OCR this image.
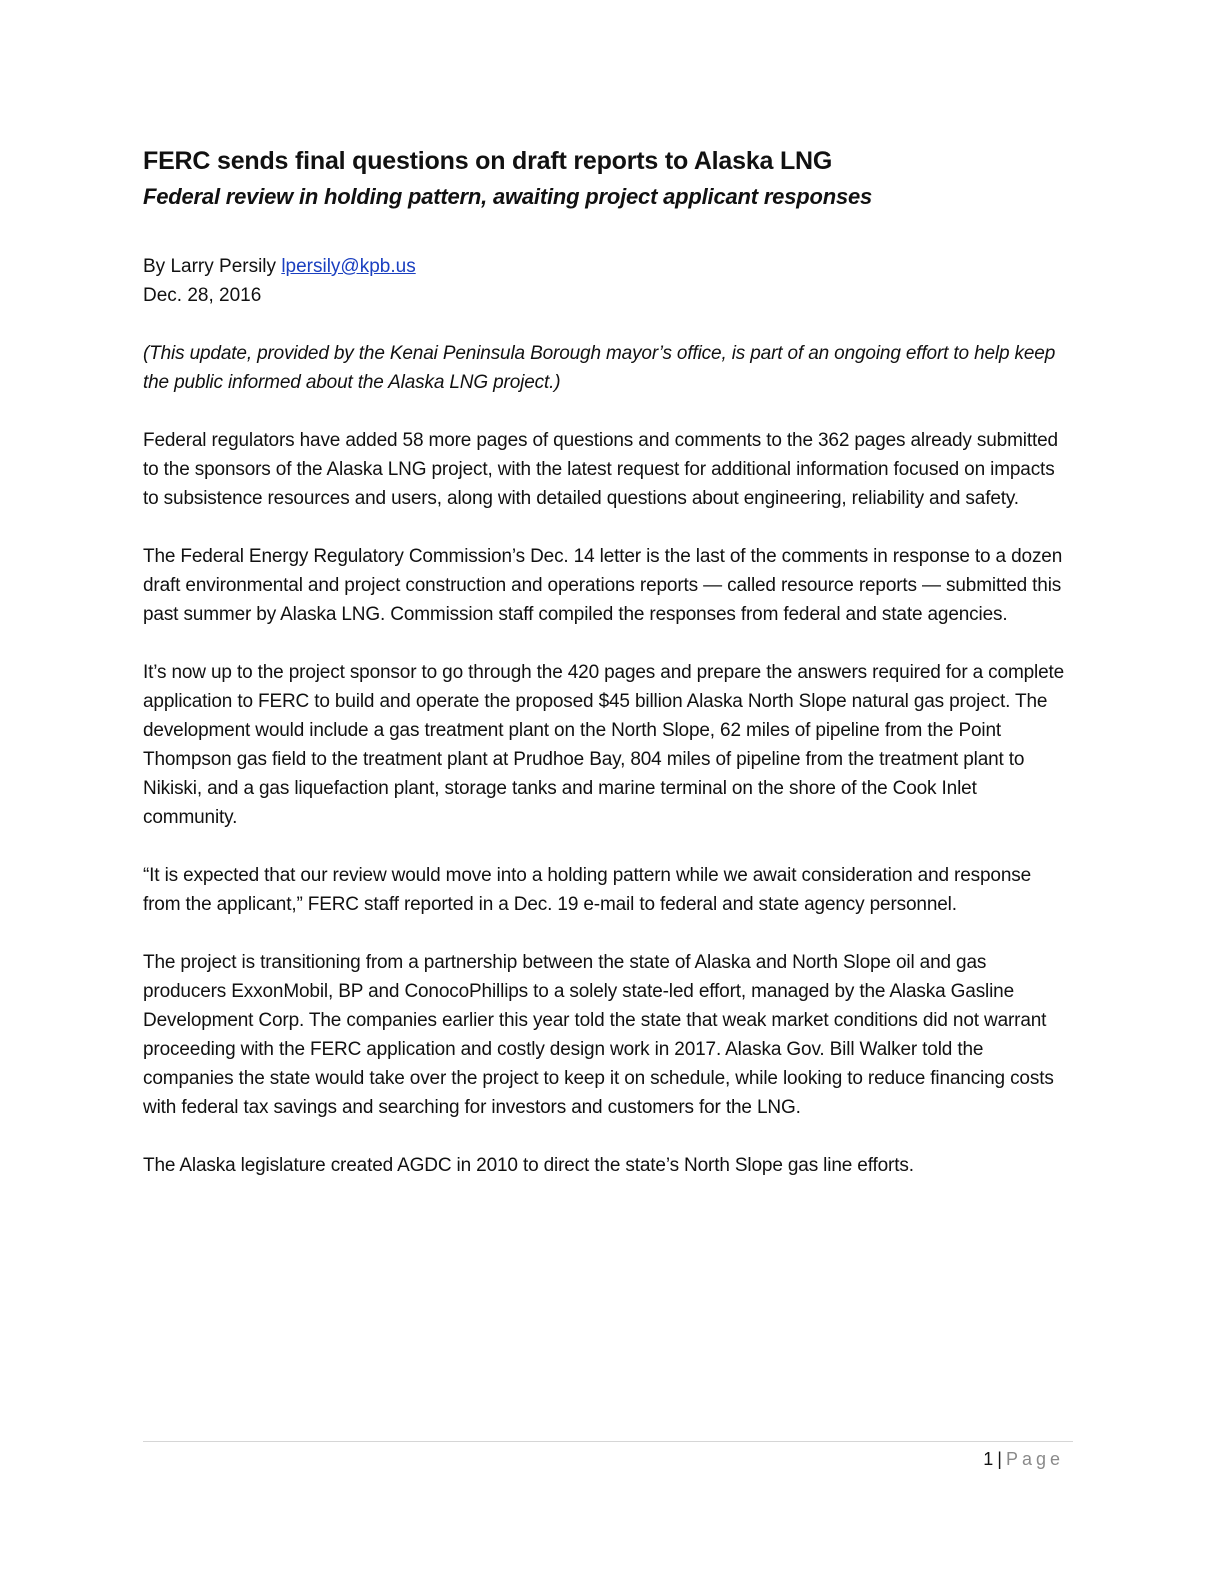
FERC sends final questions on draft reports to Alaska LNG
Federal review in holding pattern, awaiting project applicant responses
By Larry Persily lpersily@kpb.us
Dec. 28, 2016

(This update, provided by the Kenai Peninsula Borough mayor’s office, is part of an ongoing effort to help keep the public informed about the Alaska LNG project.)

Federal regulators have added 58 more pages of questions and comments to the 362 pages already submitted to the sponsors of the Alaska LNG project, with the latest request for additional information focused on impacts to subsistence resources and users, along with detailed questions about engineering, reliability and safety.

The Federal Energy Regulatory Commission’s Dec. 14 letter is the last of the comments in response to a dozen draft environmental and project construction and operations reports — called resource reports — submitted this past summer by Alaska LNG. Commission staff compiled the responses from federal and state agencies.

It’s now up to the project sponsor to go through the 420 pages and prepare the answers required for a complete application to FERC to build and operate the proposed $45 billion Alaska North Slope natural gas project. The development would include a gas treatment plant on the North Slope, 62 miles of pipeline from the Point Thompson gas field to the treatment plant at Prudhoe Bay, 804 miles of pipeline from the treatment plant to Nikiski, and a gas liquefaction plant, storage tanks and marine terminal on the shore of the Cook Inlet community.

“It is expected that our review would move into a holding pattern while we await consideration and response from the applicant,” FERC staff reported in a Dec. 19 e-mail to federal and state agency personnel.

The project is transitioning from a partnership between the state of Alaska and North Slope oil and gas producers ExxonMobil, BP and ConocoPhillips to a solely state-led effort, managed by the Alaska Gasline Development Corp. The companies earlier this year told the state that weak market conditions did not warrant proceeding with the FERC application and costly design work in 2017. Alaska Gov. Bill Walker told the companies the state would take over the project to keep it on schedule, while looking to reduce financing costs with federal tax savings and searching for investors and customers for the LNG.

The Alaska legislature created AGDC in 2010 to direct the state’s North Slope gas line efforts.

1 | Page
